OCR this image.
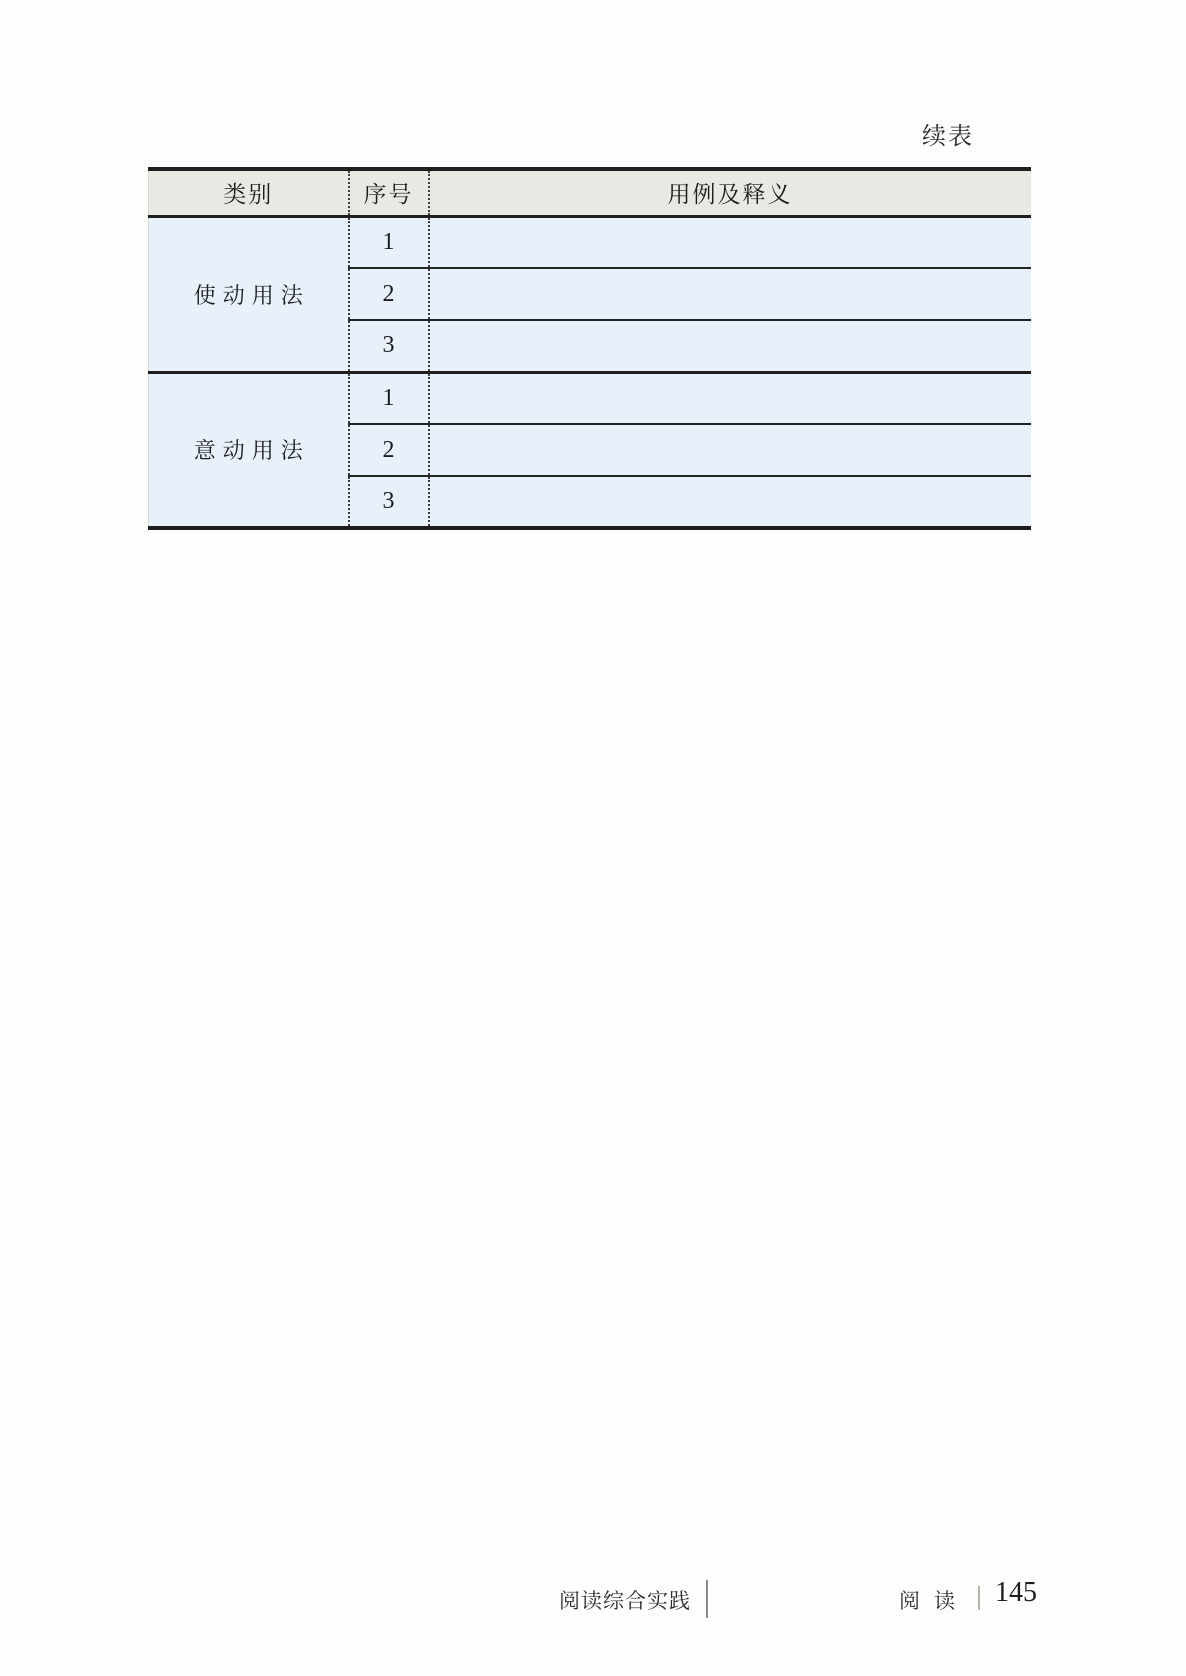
续表
类别	序号	用例及释义
使动用法	1	
	2	
	3	
意动用法	1	
	2	
	3	
阅读综合实践	阅读 145
